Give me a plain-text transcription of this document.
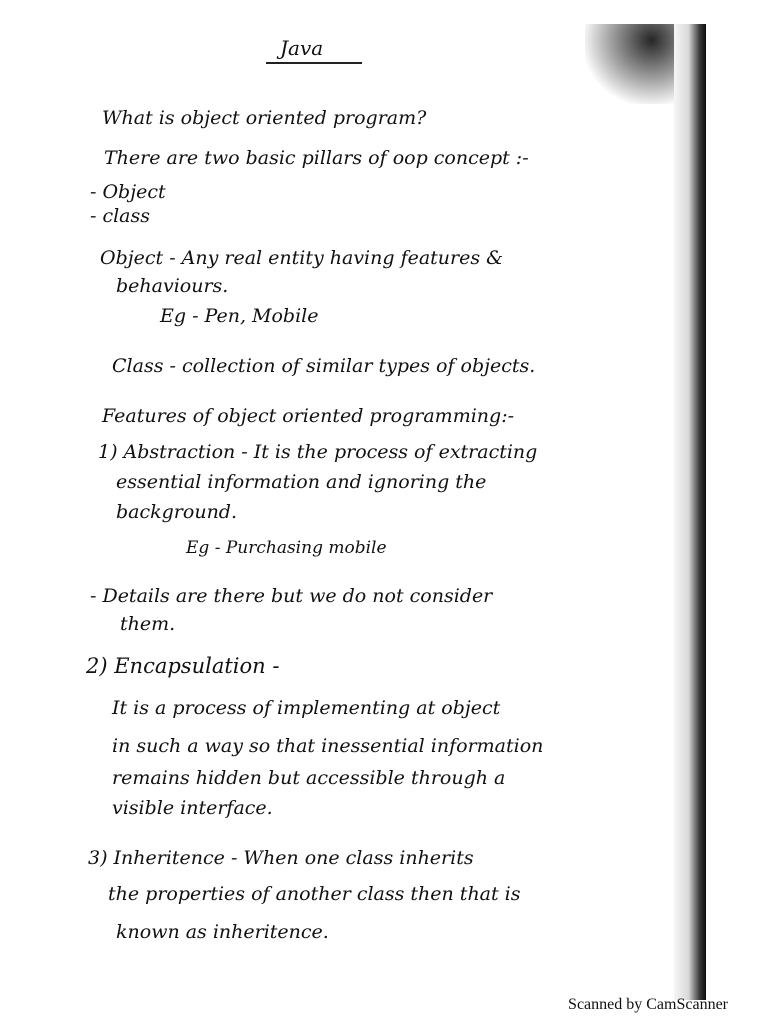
Java
What is object oriented program?
There are two basic pillars of oop concept :-
- Object
- class
Object - Any real entity having features &
behaviours.
Eg - Pen, Mobile
Class - collection of similar types of objects.
Features of object oriented programming:-
1) Abstraction - It is the process of extracting
essential information and ignoring the
background.
Eg - Purchasing mobile
- Details are there but we do not consider
them.
2) Encapsulation -
It is a process of implementing at object
in such a way so that inessential information
remains hidden but accessible through a
visible interface.
3) Inheritence - When one class inherits
the properties of another class then that is
known as inheritence.
Scanned by CamScanner
